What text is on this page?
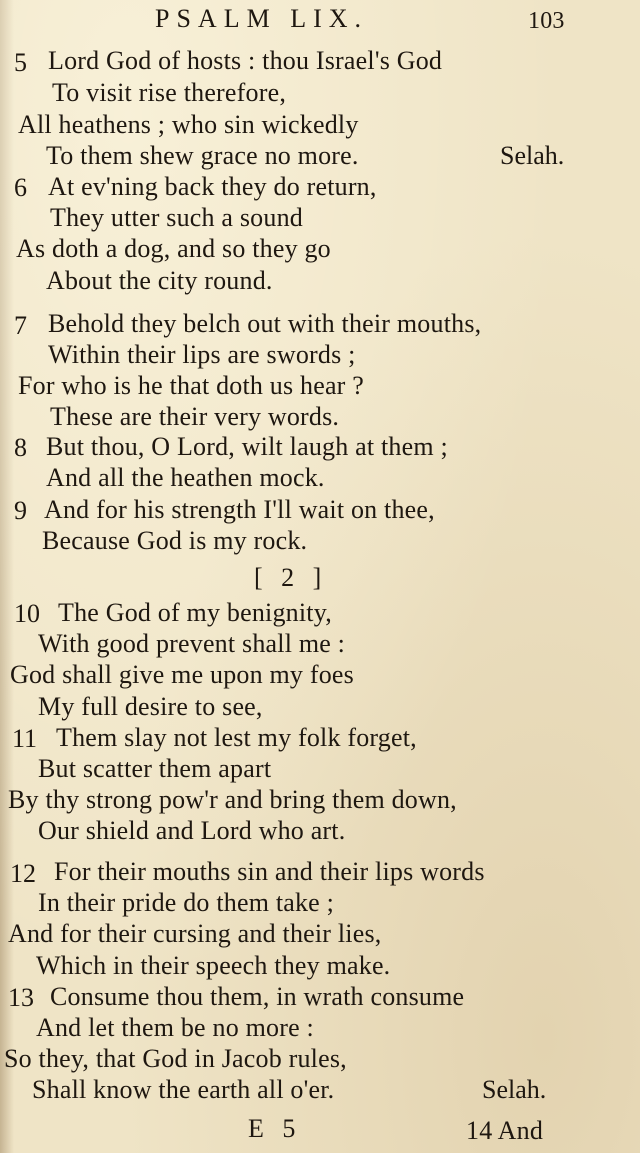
PSALM LIX.	103
5 Lord God of hosts : thou Israel's God
To visit rise therefore,
All heathens ; who sin wickedly
To them shew grace no more.	Selah.
6 At ev'ning back they do return,
They utter such a sound
As doth a dog, and so they go
About the city round.
7 Behold they belch out with their mouths,
Within their lips are swords ;
For who is he that doth us hear ?
These are their very words.
8 But thou, O Lord, wilt laugh at them ;
And all the heathen mock.
9 And for his strength I'll wait on thee,
Because God is my rock.
[ 2 ]
10 The God of my benignity,
With good prevent shall me :
God shall give me upon my foes
My full desire to see,
11 Them slay not lest my folk forget,
But scatter them apart
By thy strong pow'r and bring them down,
Our shield and Lord who art.
12 For their mouths sin and their lips words
In their pride do them take ;
And for their cursing and their lies,
Which in their speech they make.
13 Consume thou them, in wrath consume
And let them be no more :
So they, that God in Jacob rules,
Shall know the earth all o'er.	Selah.
E 5	14 And
